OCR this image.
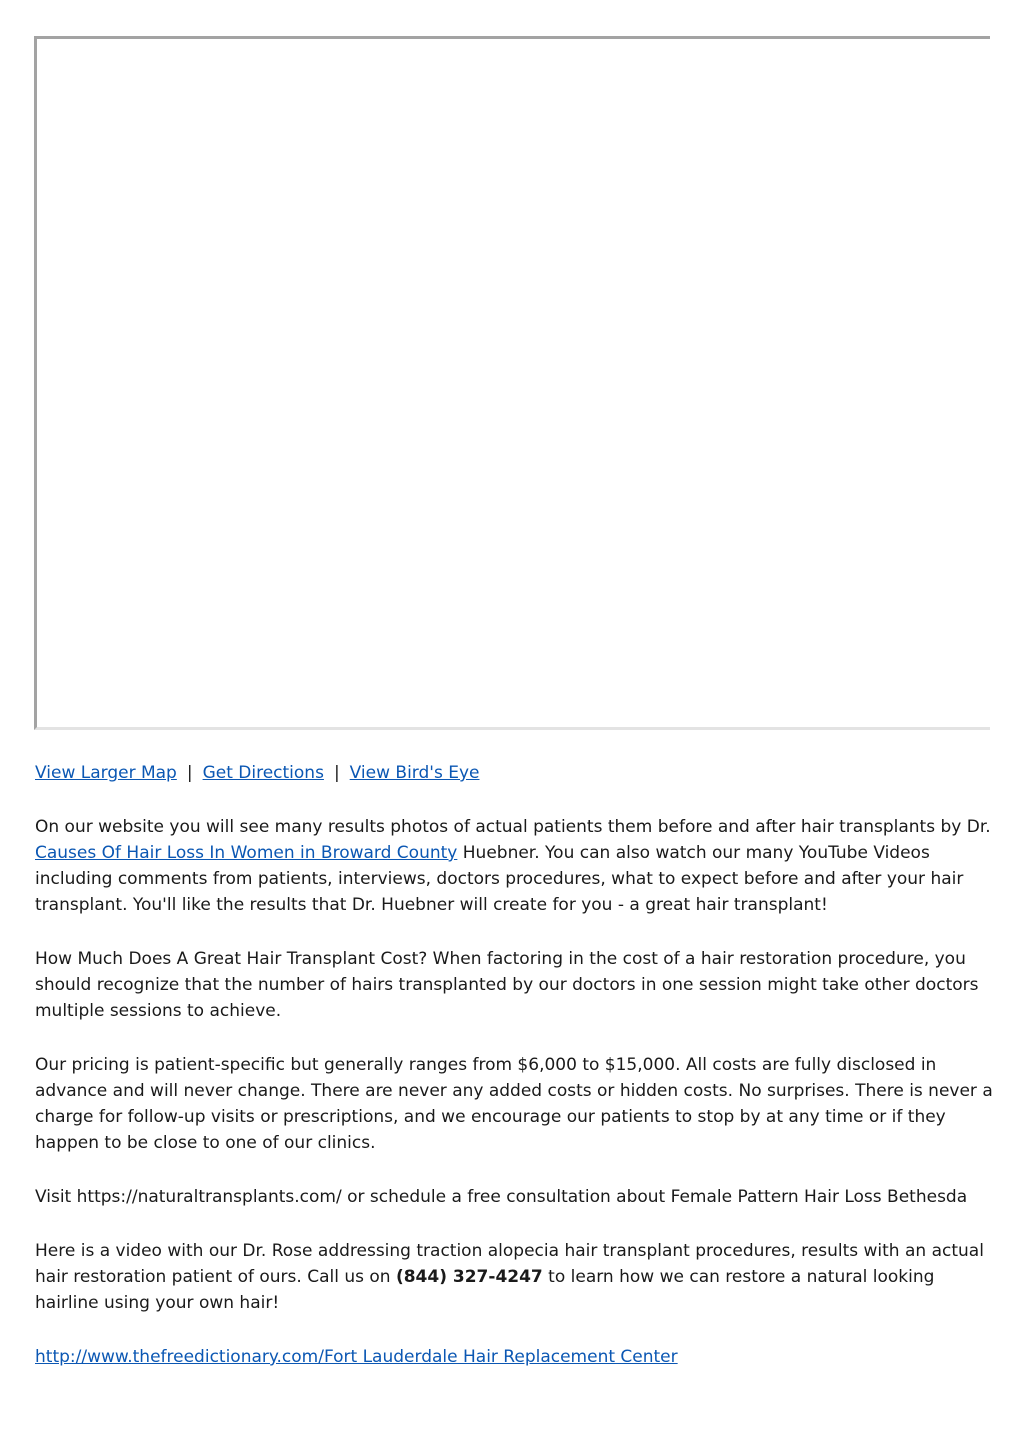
View Larger Map | Get Directions | View Bird's Eye

On our website you will see many results photos of actual patients them before and after hair transplants by Dr. Causes Of Hair Loss In Women in Broward County Huebner. You can also watch our many YouTube Videos including comments from patients, interviews, doctors procedures, what to expect before and after your hair transplant. You'll like the results that Dr. Huebner will create for you - a great hair transplant!

How Much Does A Great Hair Transplant Cost? When factoring in the cost of a hair restoration procedure, you should recognize that the number of hairs transplanted by our doctors in one session might take other doctors multiple sessions to achieve.

Our pricing is patient-specific but generally ranges from $6,000 to $15,000. All costs are fully disclosed in advance and will never change. There are never any added costs or hidden costs. No surprises. There is never a charge for follow-up visits or prescriptions, and we encourage our patients to stop by at any time or if they happen to be close to one of our clinics.

Visit https://naturaltransplants.com/ or schedule a free consultation about Female Pattern Hair Loss Bethesda

Here is a video with our Dr. Rose addressing traction alopecia hair transplant procedures, results with an actual hair restoration patient of ours. Call us on (844) 327-4247 to learn how we can restore a natural looking hairline using your own hair!

http://www.thefreedictionary.com/Fort Lauderdale Hair Replacement Center
